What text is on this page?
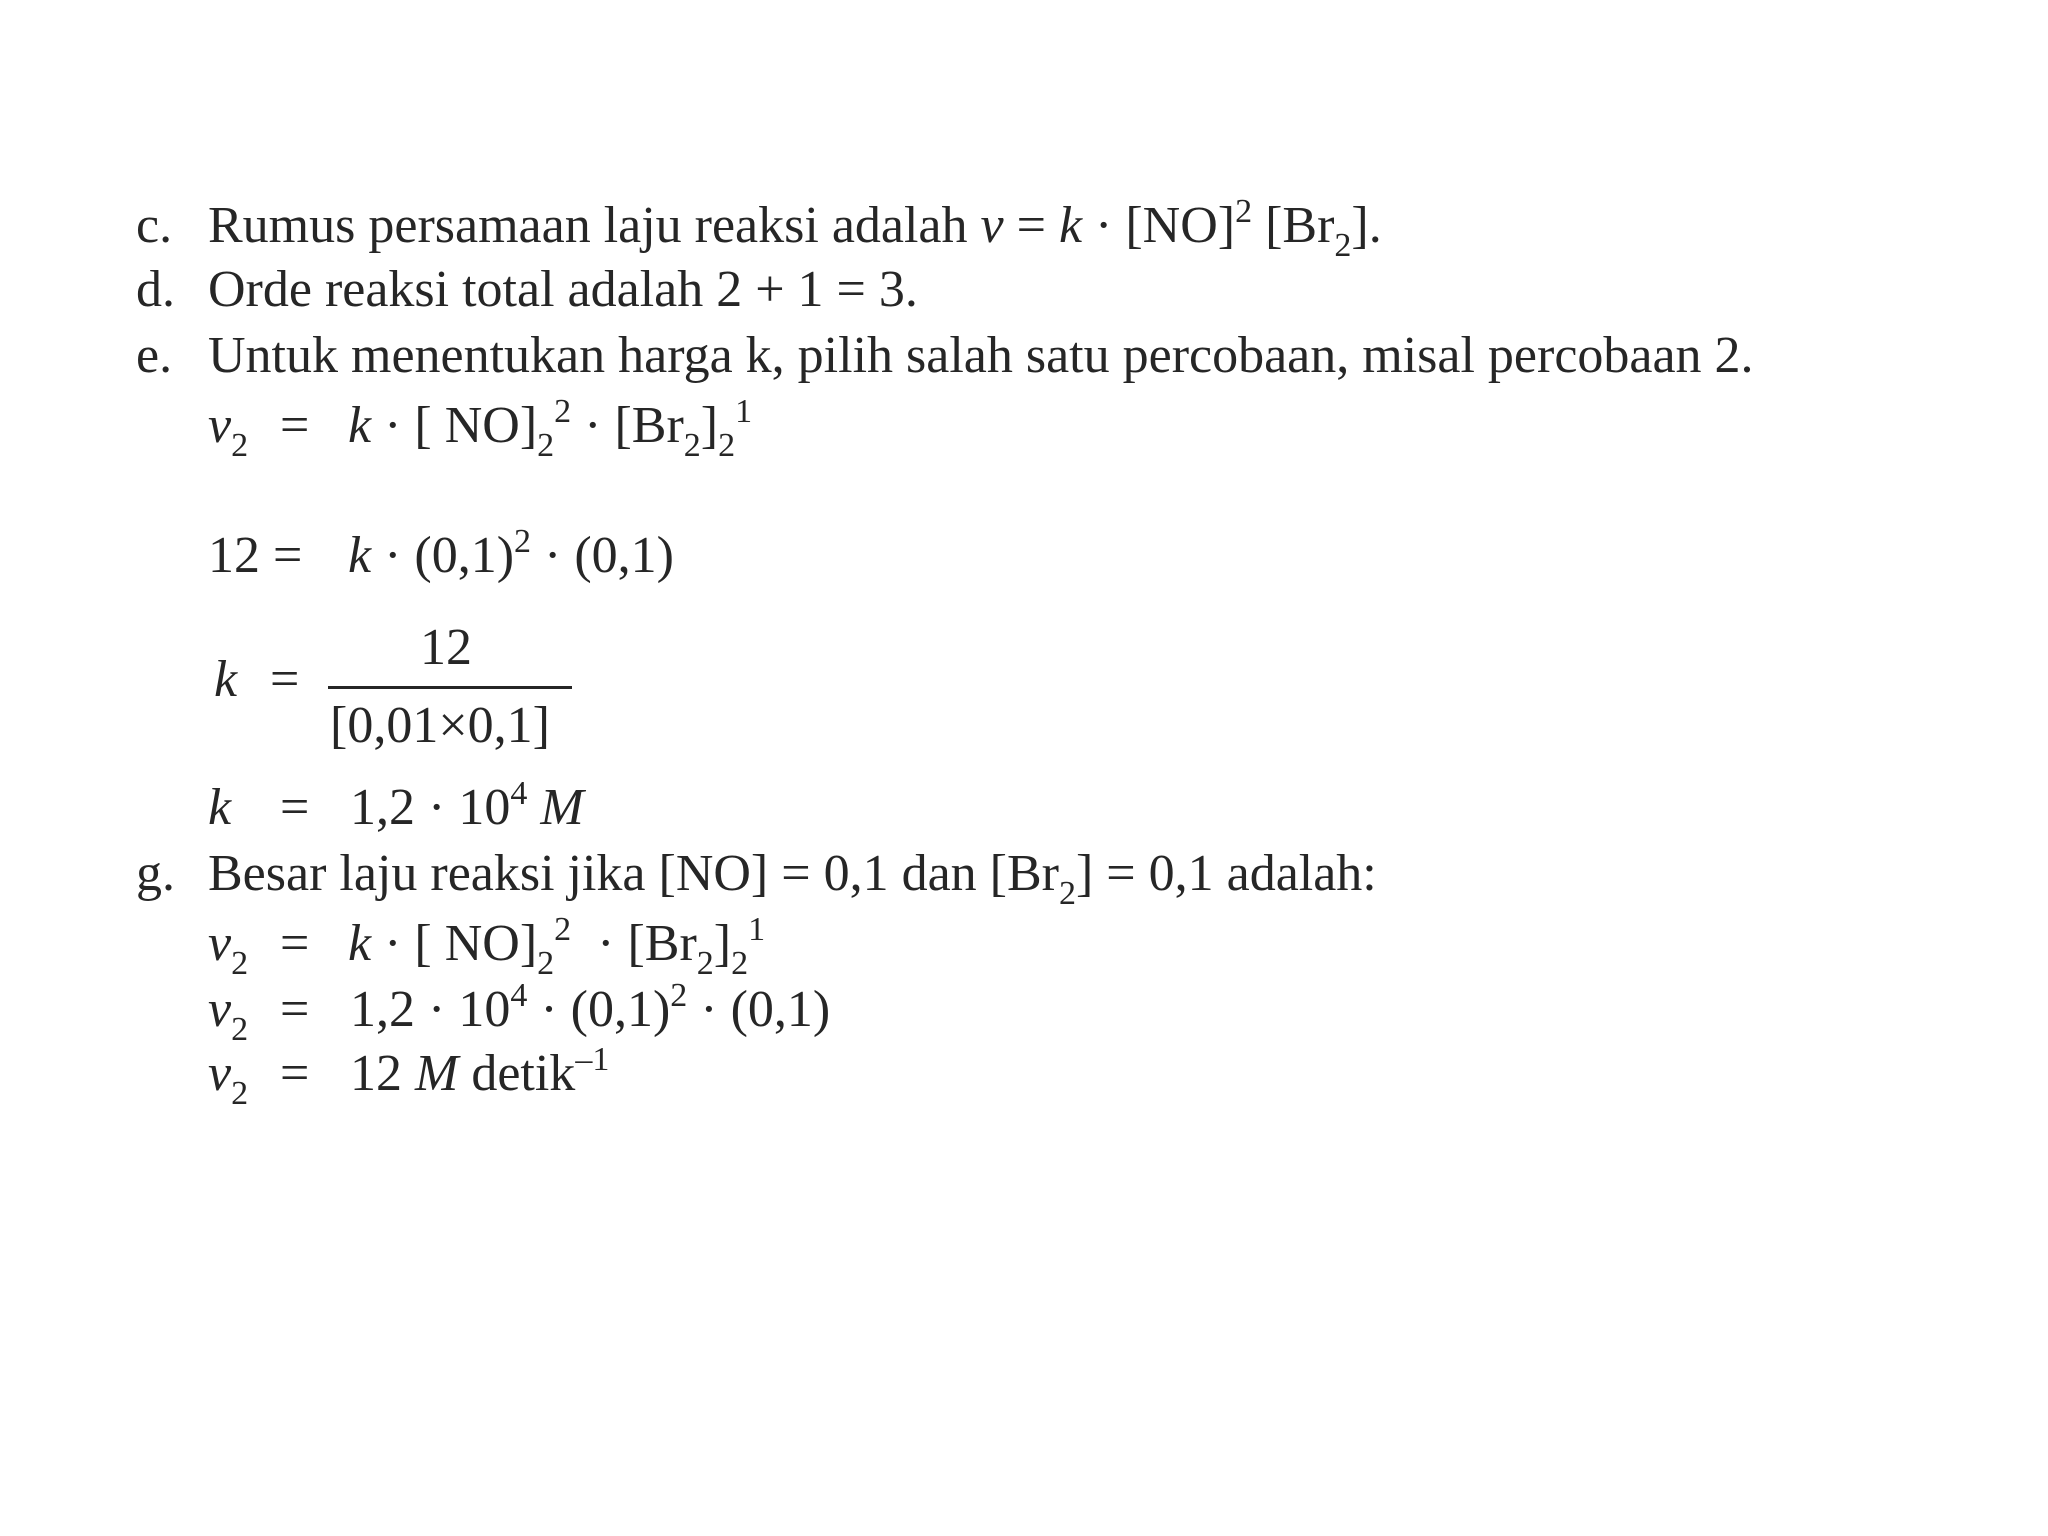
c. Rumus persamaan laju reaksi adalah v = k · [NO]$^2$ $[Br_2]$.
d. Orde reaksi total adalah 2 + 1 = 3.
e. Untuk menentukan harga k, pilih salah satu percobaan, misal percobaan 2.
$v_2 = k$ · [ $NO]_2^2 \cdot [Br_2]_2^1$
$12 = k \cdot (0,1)^2 \cdot (0,1)$
k =
12
[0,01×0,1]
$k = 1,2 \cdot 10^4$ M
g. Besar laju reaksi jika [NO] = 0,1 dan $[Br_2] = 0,1$ adalah:
$v_2 = k$ · [ $NO]_2^2 \cdot [Br_2]_2^1$
$v_2 = 1,2 \cdot 10^4 \cdot (0,1)^2 \cdot (0,1)$
$v_2 = 12$ M detik$^{-1}$
